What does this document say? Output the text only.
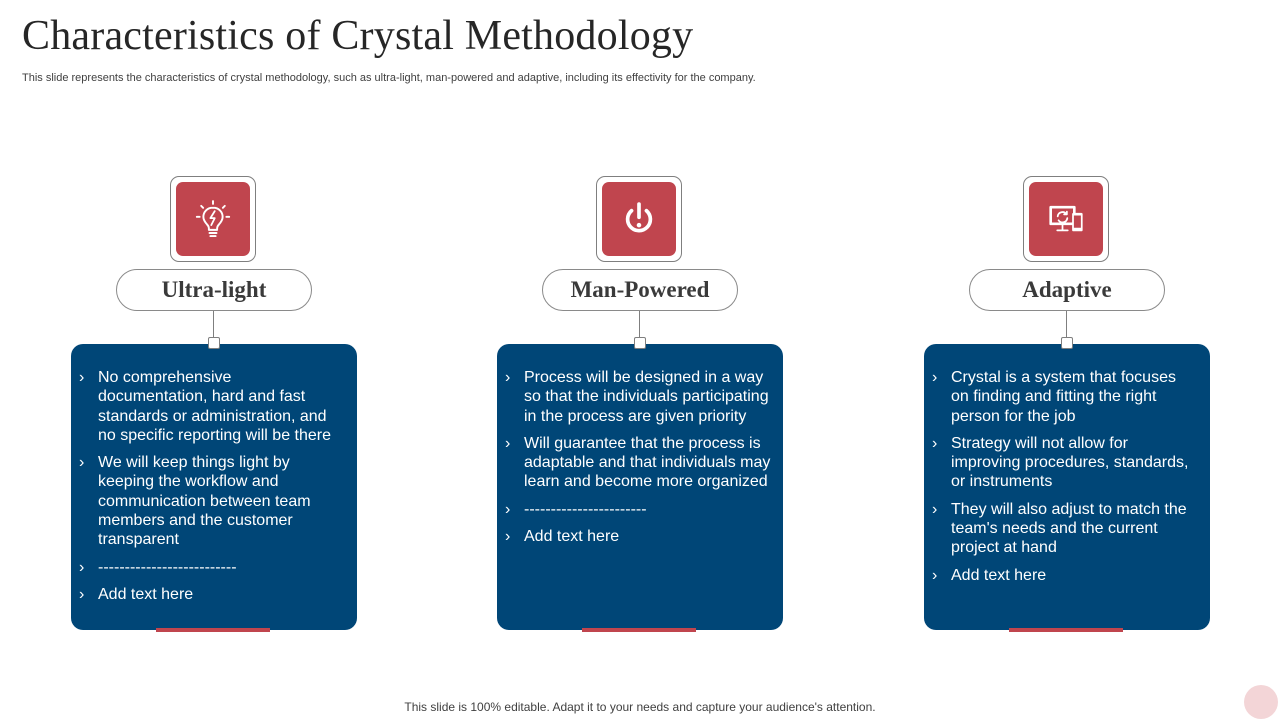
Characteristics of Crystal Methodology

This slide represents the characteristics of crystal methodology, such as ultra-light, man-powered and adaptive, including its effectivity for the company.

Ultra-light
› No comprehensive documentation, hard and fast standards or administration, and no specific reporting will be there
› We will keep things light by keeping the workflow and communication between team members and the customer transparent
› --------------------------
› Add text here
Man-Powered
› Process will be designed in a way so that the individuals participating in the process are given priority
› Will guarantee that the process is adaptable and that individuals may learn and become more organized
› -----------------------
› Add text here
Adaptive
› Crystal is a system that focuses on finding and fitting the right person for the job
› Strategy will not allow for improving procedures, standards, or instruments
› They will also adjust to match the team's needs and the current project at hand
› Add text here
This slide is 100% editable. Adapt it to your needs and capture your audience's attention.
